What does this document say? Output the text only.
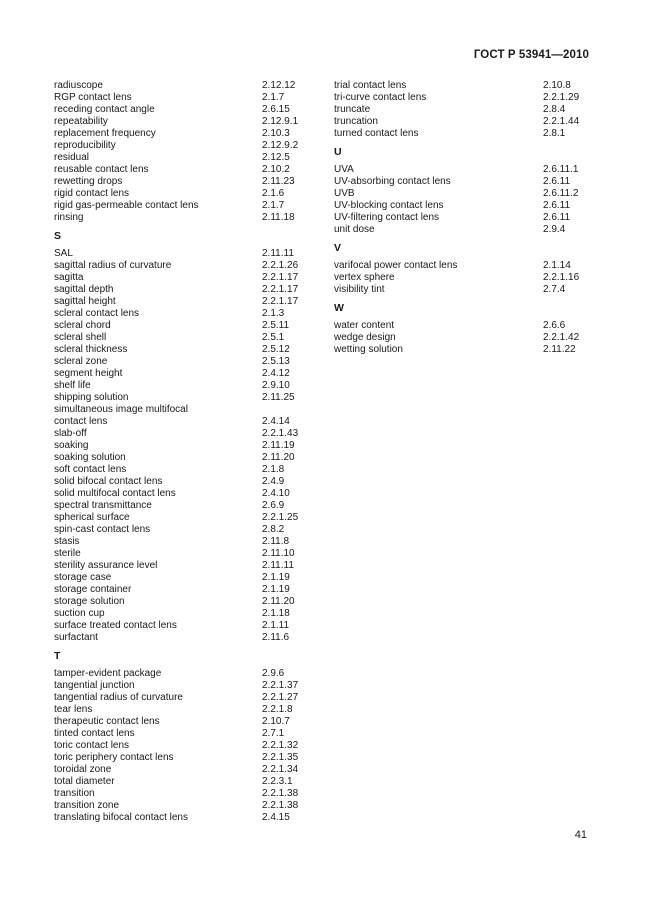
ГОСТ Р 53941—2010
radiuscope	2.12.12
RGP contact lens	2.1.7
receding contact angle	2.6.15
repeatability	2.12.9.1
replacement frequency	2.10.3
reproducibility	2.12.9.2
residual	2.12.5
reusable contact lens	2.10.2
rewetting drops	2.11.23
rigid contact lens	2.1.6
rigid gas-permeable contact lens	2.1.7
rinsing	2.11.18
S
SAL	2.11.11
sagittal radius of curvature	2.2.1.26
sagitta	2.2.1.17
sagittal depth	2.2.1.17
sagittal height	2.2.1.17
scleral contact lens	2.1.3
scleral chord	2.5.11
scleral shell	2.5.1
scleral thickness	2.5.12
scleral zone	2.5.13
segment height	2.4.12
shelf life	2.9.10
shipping solution	2.11.25
simultaneous image multifocal
contact lens	2.4.14
slab-off	2.2.1.43
soaking	2.11.19
soaking solution	2.11.20
soft contact lens	2.1.8
solid bifocal contact lens	2.4.9
solid multifocal contact lens	2.4.10
spectral transmittance	2.6.9
spherical surface	2.2.1.25
spin-cast contact lens	2.8.2
stasis	2.11.8
sterile	2.11.10
sterility assurance level	2.11.11
storage case	2.1.19
storage container	2.1.19
storage solution	2.11.20
suction cup	2.1.18
surface treated contact lens	2.1.11
surfactant	2.11.6
T
tamper-evident package	2.9.6
tangential junction	2.2.1.37
tangential radius of curvature	2.2.1.27
tear lens	2.2.1.8
therapeutic contact lens	2.10.7
tinted contact lens	2.7.1
toric contact lens	2.2.1.32
toric periphery contact lens	2.2.1.35
toroidal zone	2.2.1.34
total diameter	2.2.3.1
transition	2.2.1.38
transition zone	2.2.1.38
translating bifocal contact lens	2.4.15
trial contact lens	2.10.8
tri-curve contact lens	2.2.1.29
truncate	2.8.4
truncation	2.2.1.44
turned contact lens	2.8.1
U
UVA	2.6.11.1
UV-absorbing contact lens	2.6.11
UVB	2.6.11.2
UV-blocking contact lens	2.6.11
UV-filtering contact lens	2.6.11
unit dose	2.9.4
V
varifocal power contact lens	2.1.14
vertex sphere	2.2.1.16
visibility tint	2.7.4
W
water content	2.6.6
wedge design	2.2.1.42
wetting solution	2.11.22
41
